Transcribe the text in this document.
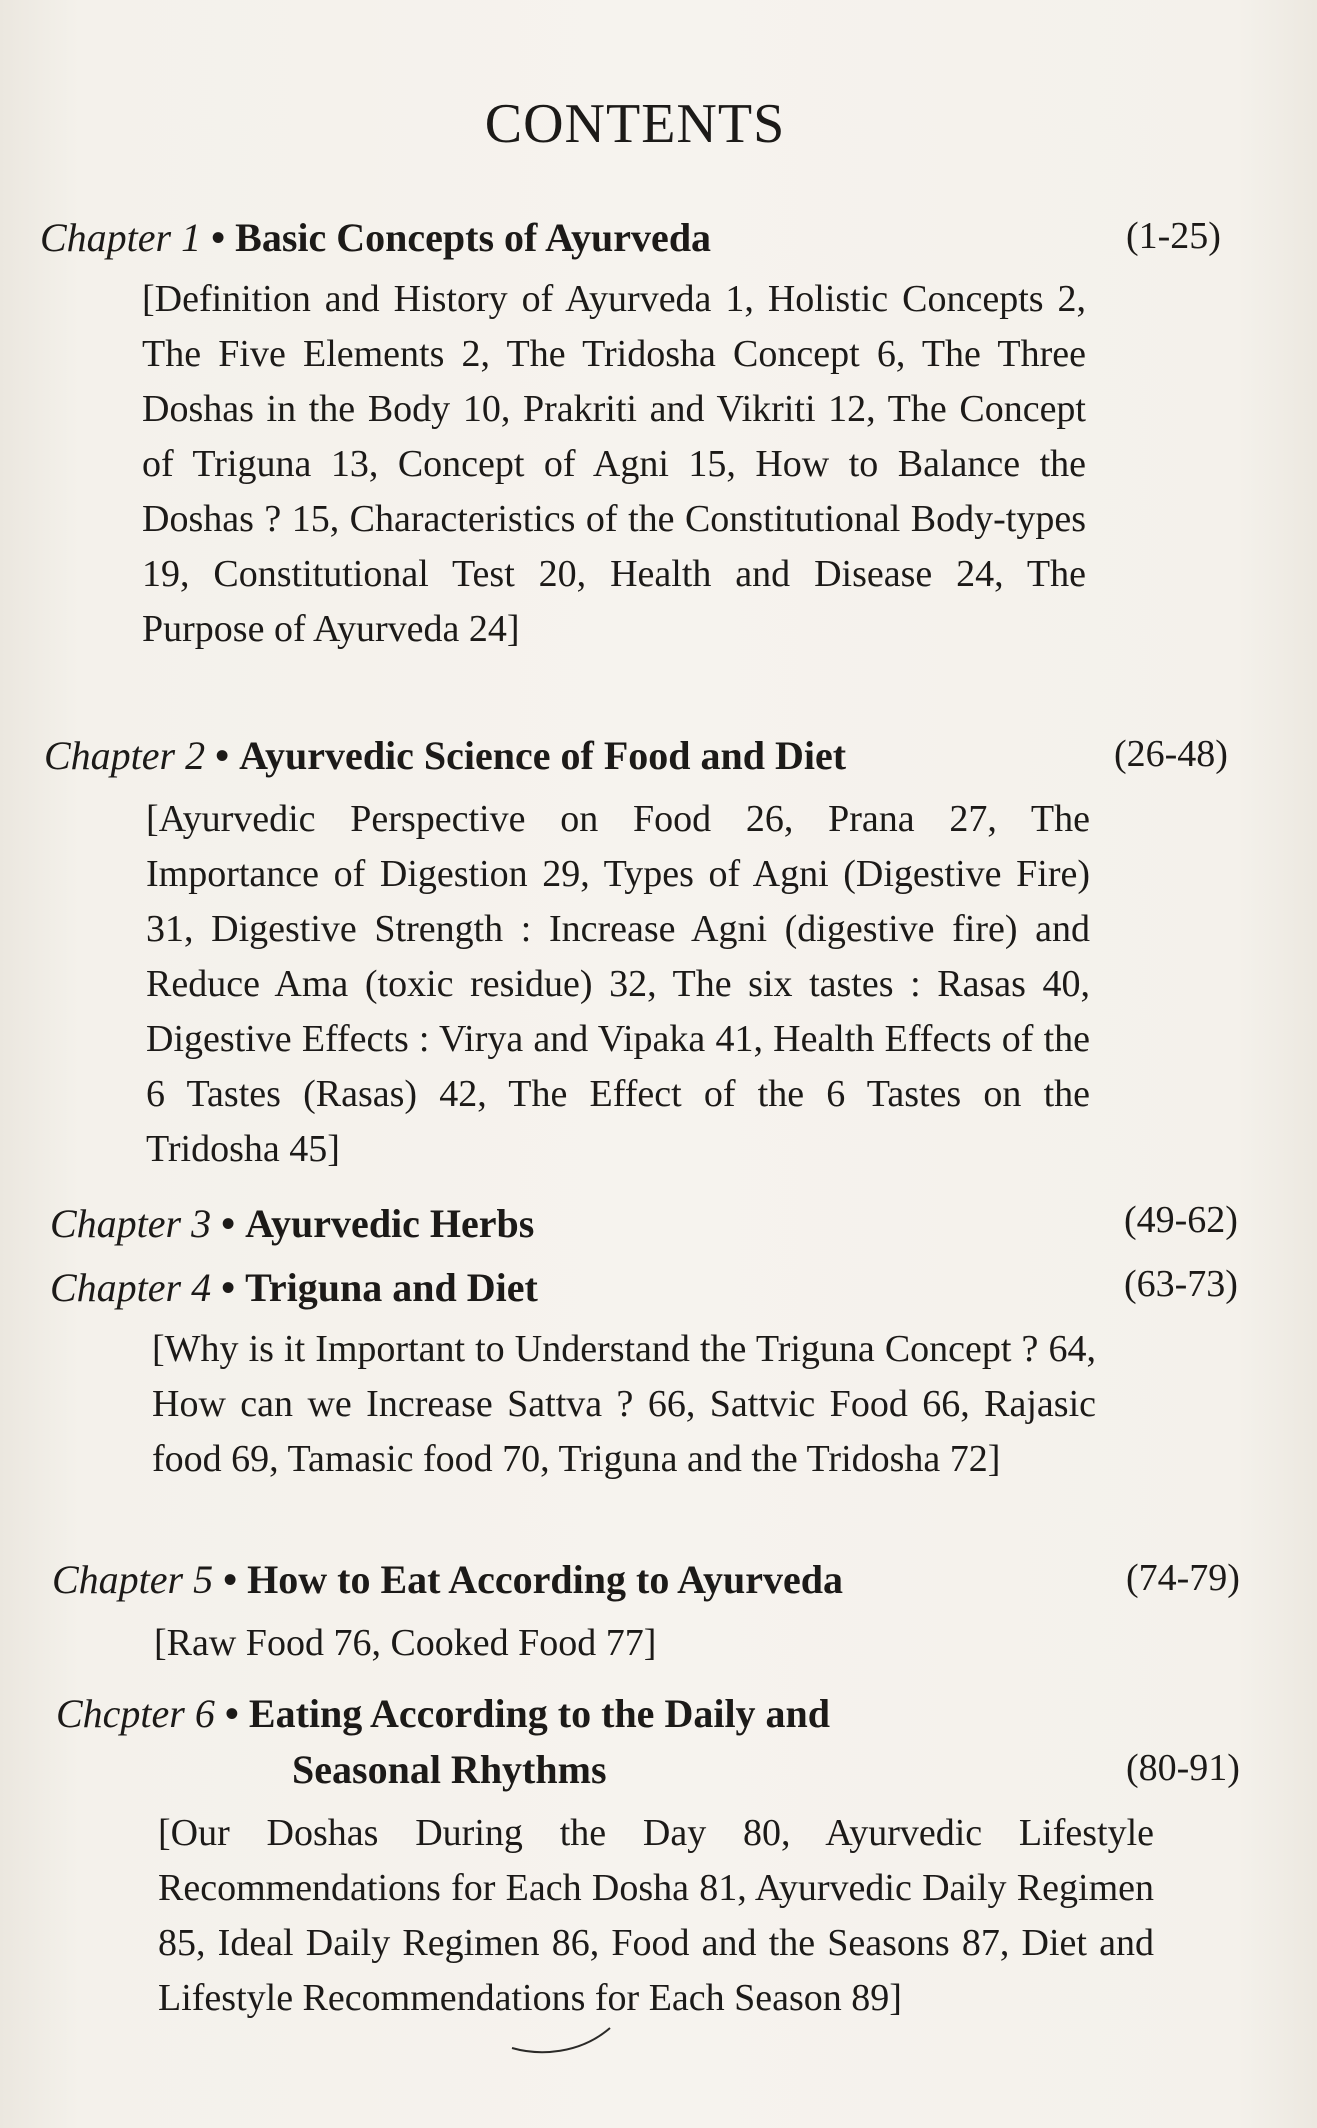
CONTENTS
Chapter 1 • Basic Concepts of Ayurveda	(1-25)

[Definition and History of Ayurveda 1, Holistic Concepts 2, The Five Elements 2, The Tridosha Concept 6, The Three Doshas in the Body 10, Prakriti and Vikriti 12, The Concept of Triguna 13, Concept of Agni 15, How to Balance the Doshas ? 15, Characteristics of the Constitutional Body-types 19, Constitutional Test 20, Health and Disease 24, The Purpose of Ayurveda 24]

Chapter 2 • Ayurvedic Science of Food and Diet	(26-48)

[Ayurvedic Perspective on Food 26, Prana 27, The Importance of Digestion 29, Types of Agni (Digestive Fire) 31, Digestive Strength : Increase Agni (digestive fire) and Reduce Ama (toxic residue) 32, The six tastes : Rasas 40, Digestive Effects : Virya and Vipaka 41, Health Effects of the 6 Tastes (Rasas) 42, The Effect of the 6 Tastes on the Tridosha 45]

Chapter 3 • Ayurvedic Herbs	(49-62)
Chapter 4 • Triguna and Diet	(63-73)

[Why is it Important to Understand the Triguna Concept ? 64, How can we Increase Sattva ? 66, Sattvic Food 66, Rajasic food 69, Tamasic food 70, Triguna and the Tridosha 72]

Chapter 5 • How to Eat According to Ayurveda	(74-79)

[Raw Food 76, Cooked Food 77]

Chcpter 6 • Eating According to the Daily and
Seasonal Rhythms	(80-91)

[Our Doshas During the Day 80, Ayurvedic Lifestyle Recommendations for Each Dosha 81, Ayurvedic Daily Regimen 85, Ideal Daily Regimen 86, Food and the Seasons 87, Diet and Lifestyle Recommendations for Each Season 89]
